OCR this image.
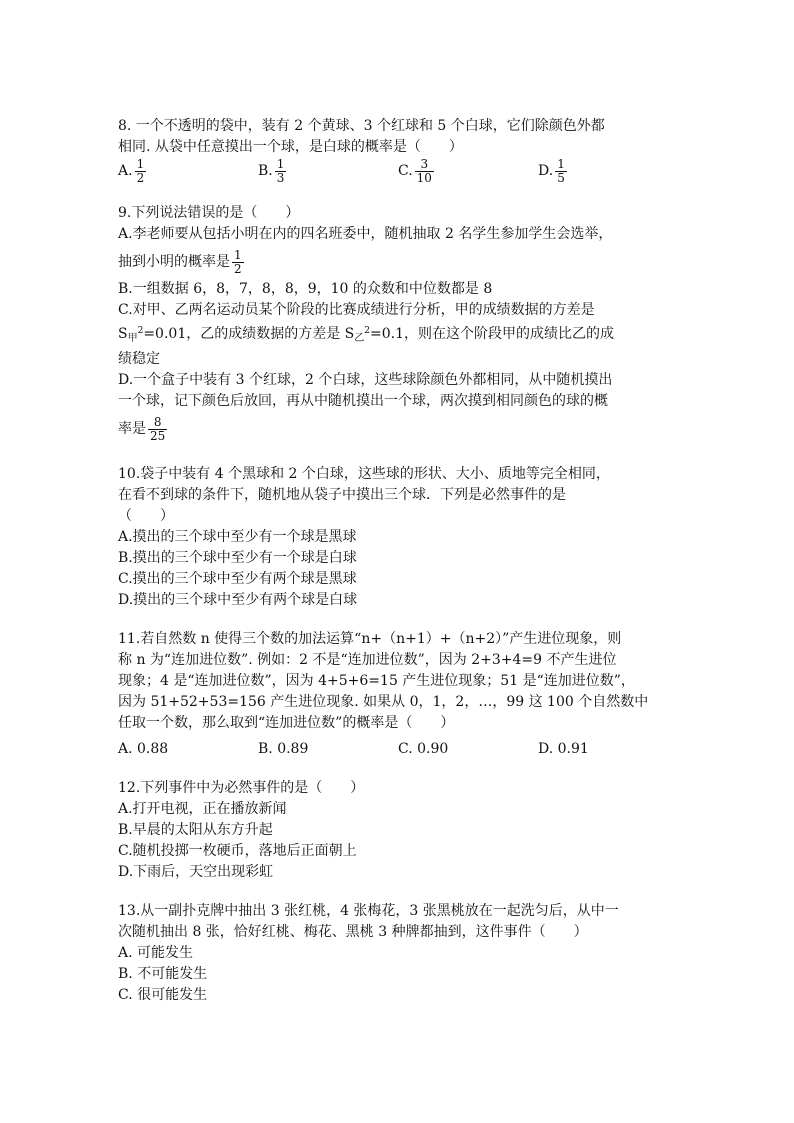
8. 一个不透明的袋中，装有 2 个黄球、3 个红球和 5 个白球，它们除颜色外都
相同. 从袋中任意摸出一个球，是白球的概率是（　　）
A. $\frac{1}{2}$	B. $\frac{1}{3}$	C. $\frac{3}{10}$	D. $\frac{1}{5}$
9.下列说法错误的是（　　）
A.李老师要从包括小明在内的四名班委中，随机抽取 2 名学生参加学生会选举，
抽到小明的概率是 $\frac{1}{2}$
B.一组数据 6，8，7，8，8，9，10 的众数和中位数都是 8
C.对甲、乙两名运动员某个阶段的比赛成绩进行分析，甲的成绩数据的方差是
$S_甲^2=0.01$，乙的成绩数据的方差是 $S_乙^2=0.1$，则在这个阶段甲的成绩比乙的成
绩稳定
D.一个盒子中装有 3 个红球，2 个白球，这些球除颜色外都相同，从中随机摸出
一个球，记下颜色后放回，再从中随机摸出一个球，两次摸到相同颜色的球的概
率是 $\frac{8}{25}$
10.袋子中装有 4 个黑球和 2 个白球，这些球的形状、大小、质地等完全相同，
在看不到球的条件下，随机地从袋子中摸出三个球．下列是必然事件的是
（　　）
A.摸出的三个球中至少有一个球是黑球
B.摸出的三个球中至少有一个球是白球
C.摸出的三个球中至少有两个球是黑球
D.摸出的三个球中至少有两个球是白球
11.若自然数 n 使得三个数的加法运算“n+（n+1）+（n+2）”产生进位现象，则
称 n 为“连加进位数”. 例如：2 不是“连加进位数”，因为 2+3+4=9 不产生进位
现象；4 是“连加进位数”，因为 4+5+6=15 产生进位现象；51 是“连加进位数”，
因为 51+52+53=156 产生进位现象. 如果从 0，1，2，…，99 这 100 个自然数中
任取一个数，那么取到“连加进位数”的概率是（　　）
A. 0.88	B. 0.89	C. 0.90	D. 0.91
12.下列事件中为必然事件的是（　　）
A.打开电视，正在播放新闻
B.早晨的太阳从东方升起
C.随机投掷一枚硬币，落地后正面朝上
D.下雨后，天空出现彩虹
13.从一副扑克牌中抽出 3 张红桃，4 张梅花，3 张黑桃放在一起洗匀后，从中一
次随机抽出 8 张，恰好红桃、梅花、黑桃 3 种牌都抽到，这件事件（　　）
A. 可能发生
B. 不可能发生
C. 很可能发生
